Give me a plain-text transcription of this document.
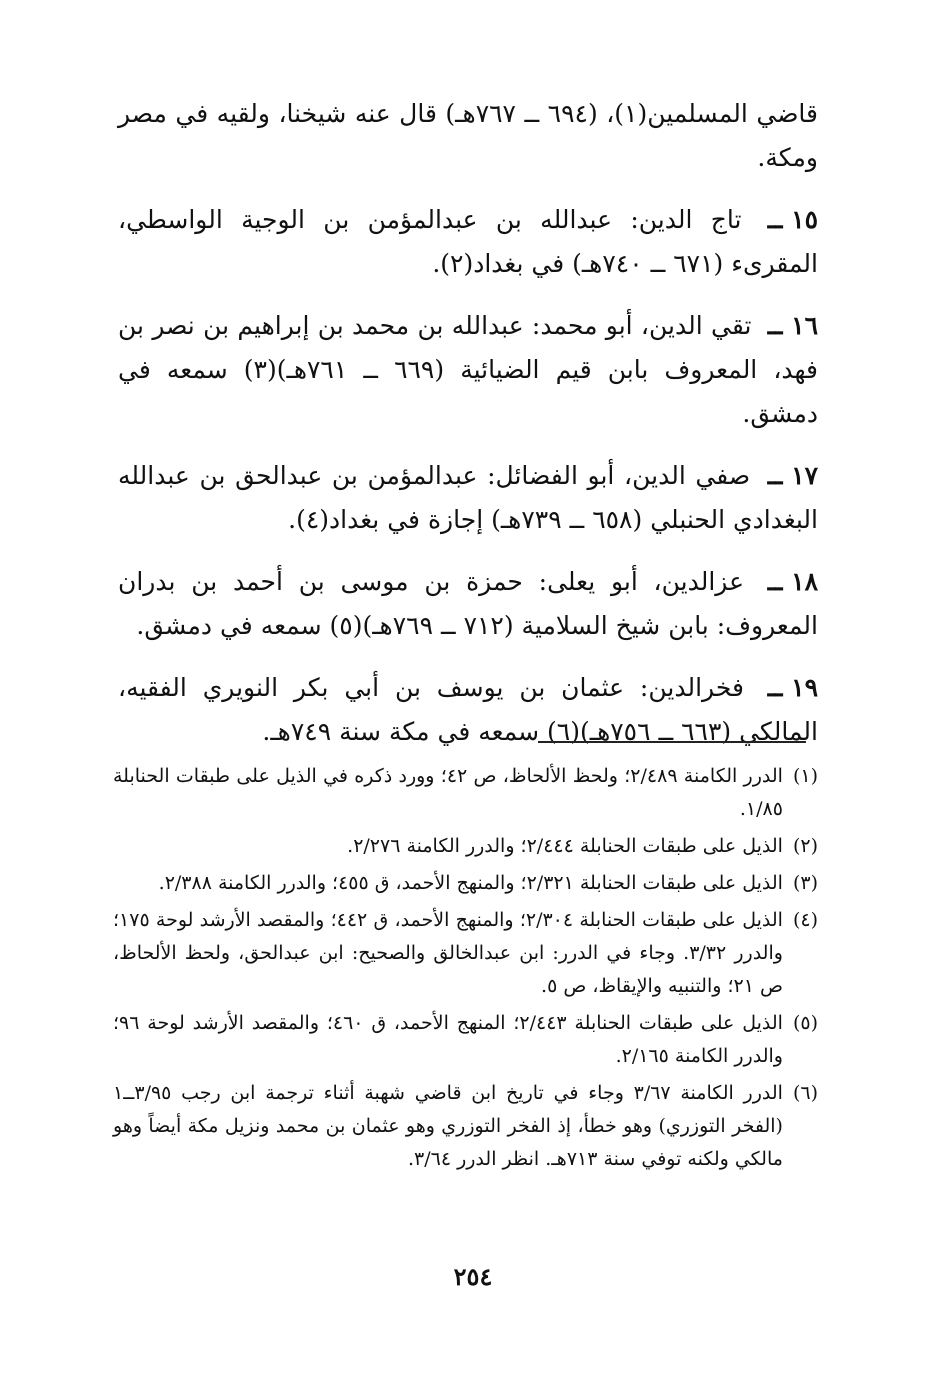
قاضي المسلمين(١)، (٦٩٤ ــ ٧٦٧هـ) قال عنه شيخنا، ولقيه في مصر ومكة.
١٥ ــ تاج الدين: عبدالله بن عبدالمؤمن بن الوجية الواسطي، المقرىء (٦٧١ ــ ٧٤٠هـ) في بغداد(٢).
١٦ ــ تقي الدين، أبو محمد: عبدالله بن محمد بن إبراهيم بن نصر بن فهد، المعروف بابن قيم الضيائية (٦٦٩ ــ ٧٦١هـ)(٣) سمعه في دمشق.
١٧ ــ صفي الدين، أبو الفضائل: عبدالمؤمن بن عبدالحق بن عبدالله البغدادي الحنبلي (٦٥٨ ــ ٧٣٩هـ) إجازة في بغداد(٤).
١٨ ــ عزالدين، أبو يعلى: حمزة بن موسى بن أحمد بن بدران المعروف: بابن شيخ السلامية (٧١٢ ــ ٧٦٩هـ)(٥) سمعه في دمشق.
١٩ ــ فخرالدين: عثمان بن يوسف بن أبي بكر النويري الفقيه، المالكي (٦٦٣ ــ ٧٥٦هـ)(٦) سمعه في مكة سنة ٧٤٩هـ.
(١)
الدرر الكامنة ٢/٤٨٩؛ ولحظ الألحاظ، ص ٤٢؛ وورد ذكره في الذيل على طبقات الحنابلة ١/٨٥.
(٢)
الذيل على طبقات الحنابلة ٢/٤٤٤؛ والدرر الكامنة ٢/٢٧٦.
(٣)
الذيل على طبقات الحنابلة ٢/٣٢١؛ والمنهج الأحمد، ق ٤٥٥؛ والدرر الكامنة ٢/٣٨٨.
(٤)
الذيل على طبقات الحنابلة ٢/٣٠٤؛ والمنهج الأحمد، ق ٤٤٢؛ والمقصد الأرشد لوحة ١٧٥؛ والدرر ٣/٣٢. وجاء في الدرر: ابن عبدالخالق والصحيح: ابن عبدالحق، ولحظ الألحاظ، ص ٢١؛ والتنبيه والإيقاظ، ص ٥.
(٥)
الذيل على طبقات الحنابلة ٢/٤٤٣؛ المنهج الأحمد، ق ٤٦٠؛ والمقصد الأرشد لوحة ٩٦؛ والدرر الكامنة ٢/١٦٥.
(٦)
الدرر الكامنة ٣/٦٧ وجاء في تاريخ ابن قاضي شهبة أثناء ترجمة ابن رجب ٣/٩٥ــ١ (الفخر التوزري) وهو خطأ، إذ الفخر التوزري وهو عثمان بن محمد ونزيل مكة أيضاً وهو مالكي ولكنه توفي سنة ٧١٣هـ. انظر الدرر ٣/٦٤.
٢٥٤
